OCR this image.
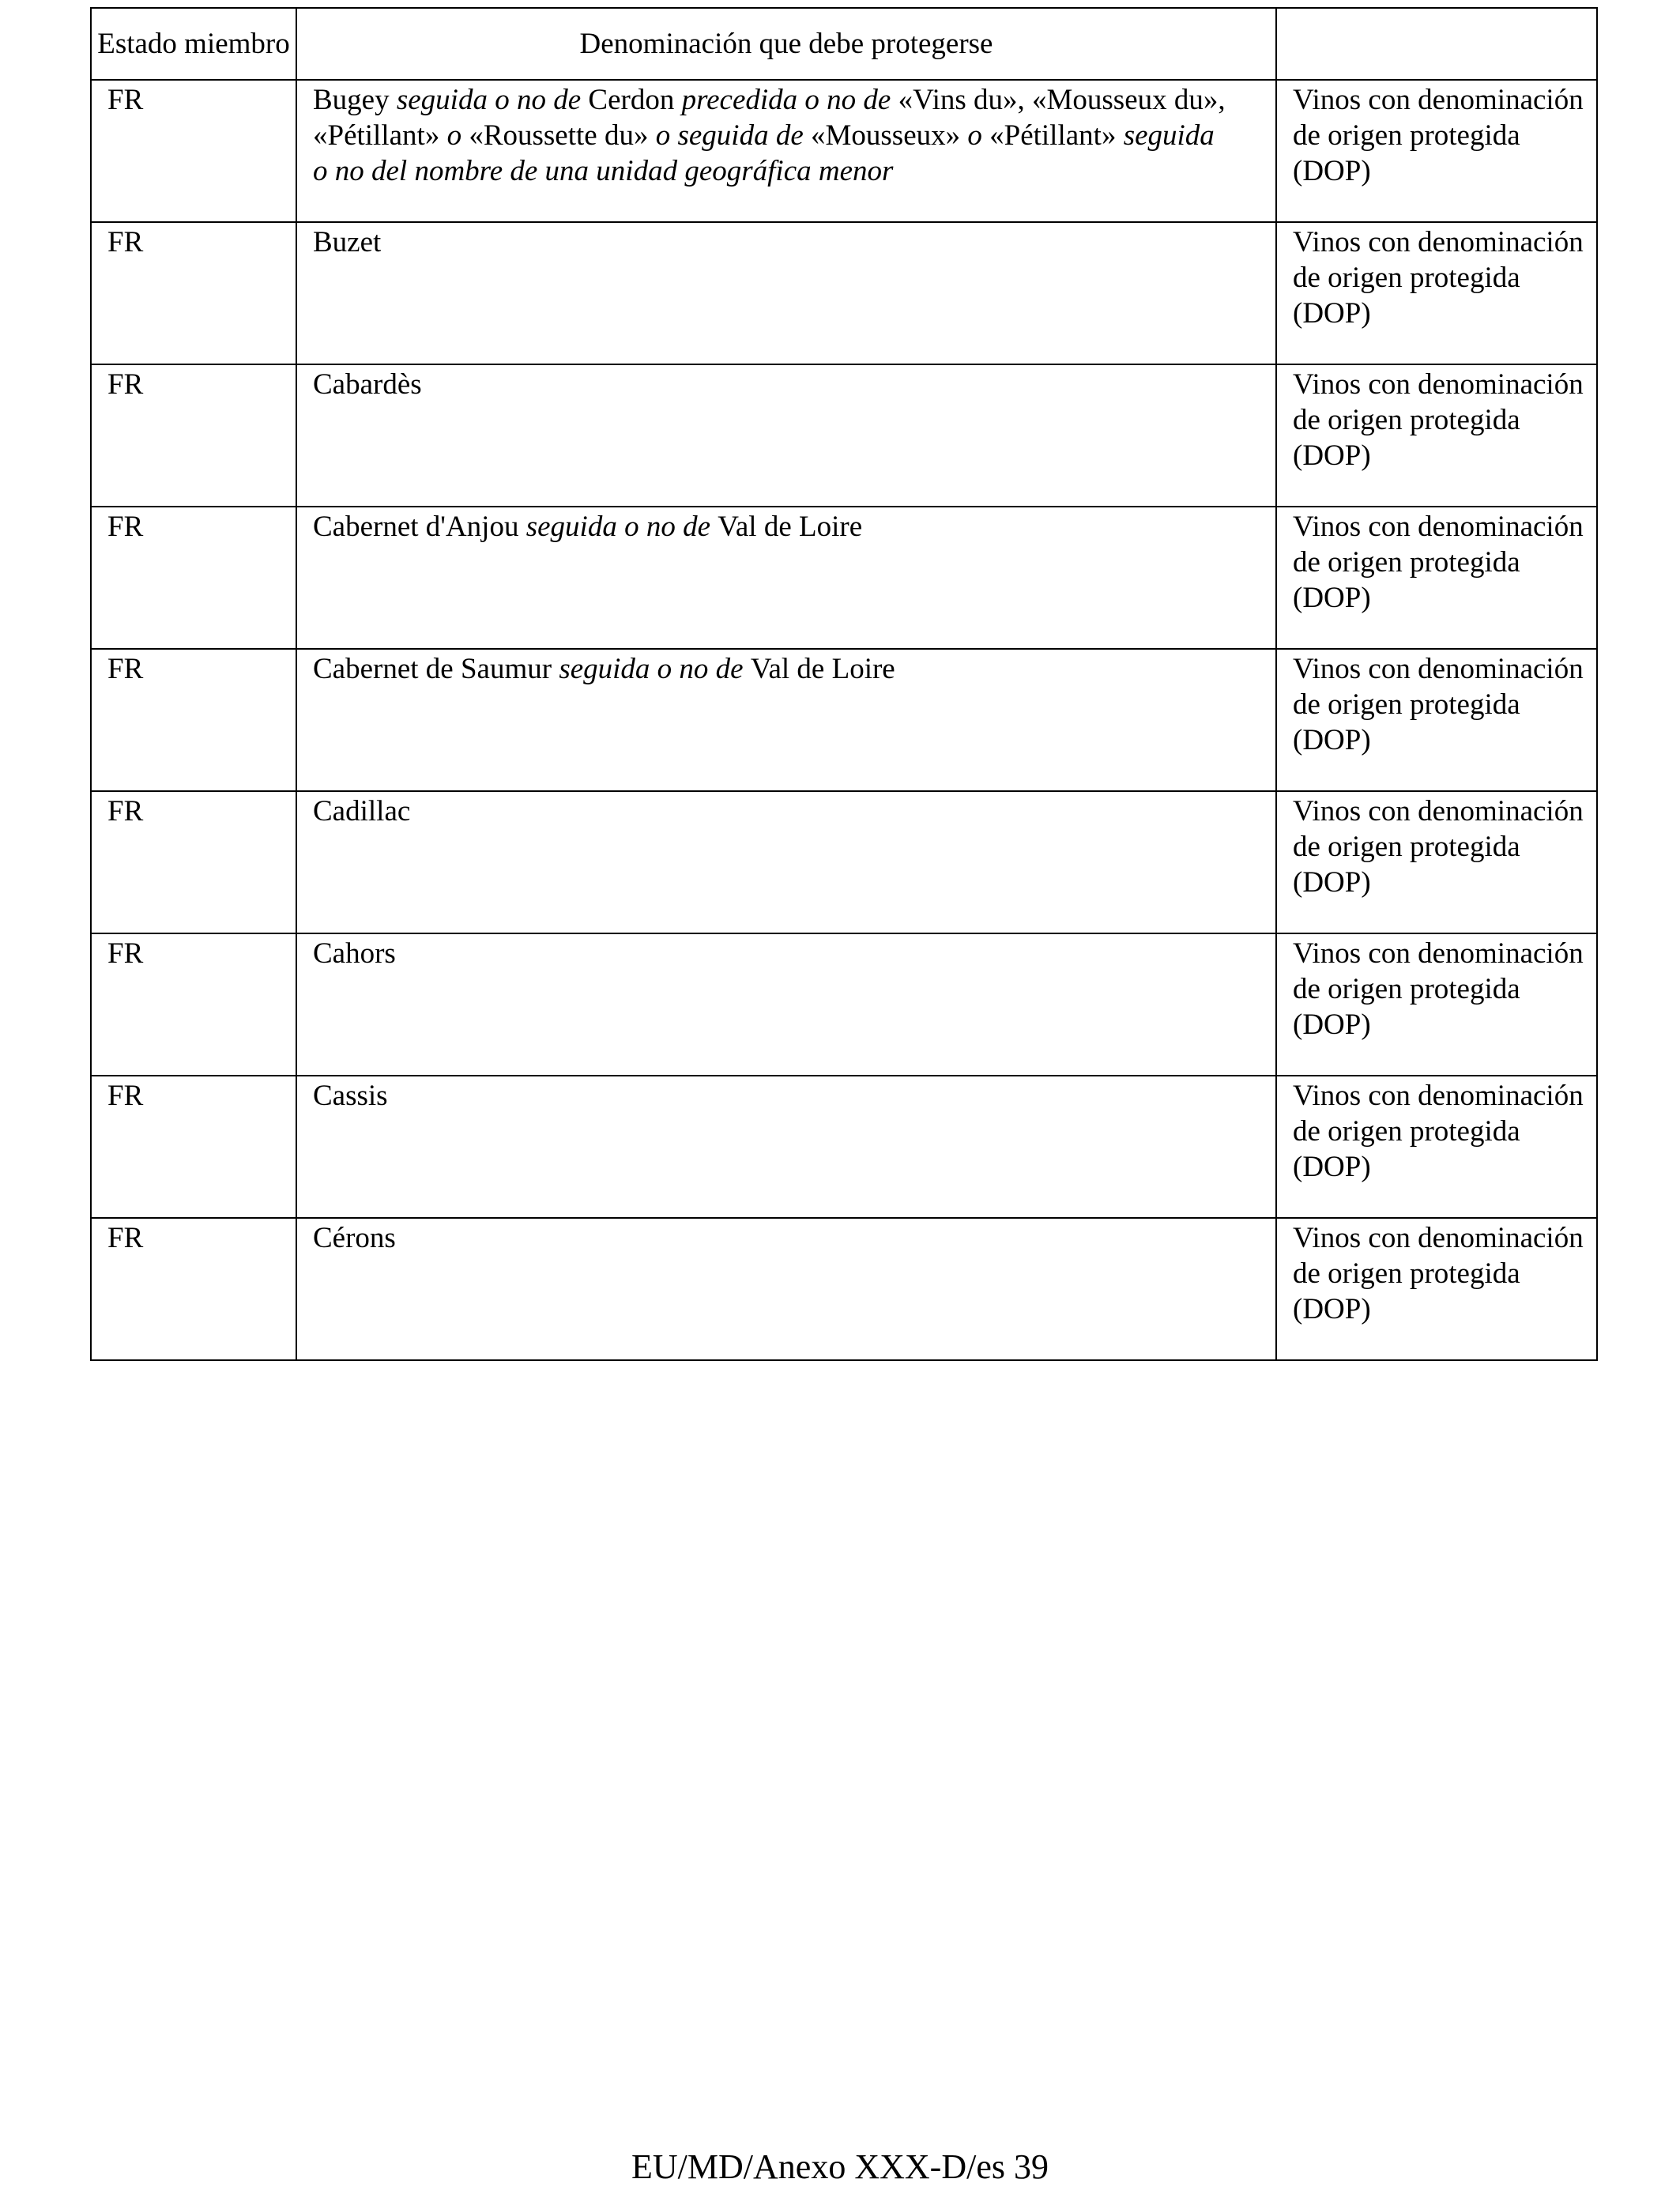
Estado miembro	Denominación que debe protegerse	
FR	Bugey seguida o no de Cerdon precedida o no de «Vins du», «Mousseux du», «Pétillant» o «Roussette du» o seguida de «Mousseux» o «Pétillant» seguida o no del nombre de una unidad geográfica menor	Vinos con denominación de origen protegida (DOP)
FR	Buzet	Vinos con denominación de origen protegida (DOP)
FR	Cabardès	Vinos con denominación de origen protegida (DOP)
FR	Cabernet d'Anjou seguida o no de Val de Loire	Vinos con denominación de origen protegida (DOP)
FR	Cabernet de Saumur seguida o no de Val de Loire	Vinos con denominación de origen protegida (DOP)
FR	Cadillac	Vinos con denominación de origen protegida (DOP)
FR	Cahors	Vinos con denominación de origen protegida (DOP)
FR	Cassis	Vinos con denominación de origen protegida (DOP)
FR	Cérons	Vinos con denominación de origen protegida (DOP)
EU/MD/Anexo XXX-D/es 39
